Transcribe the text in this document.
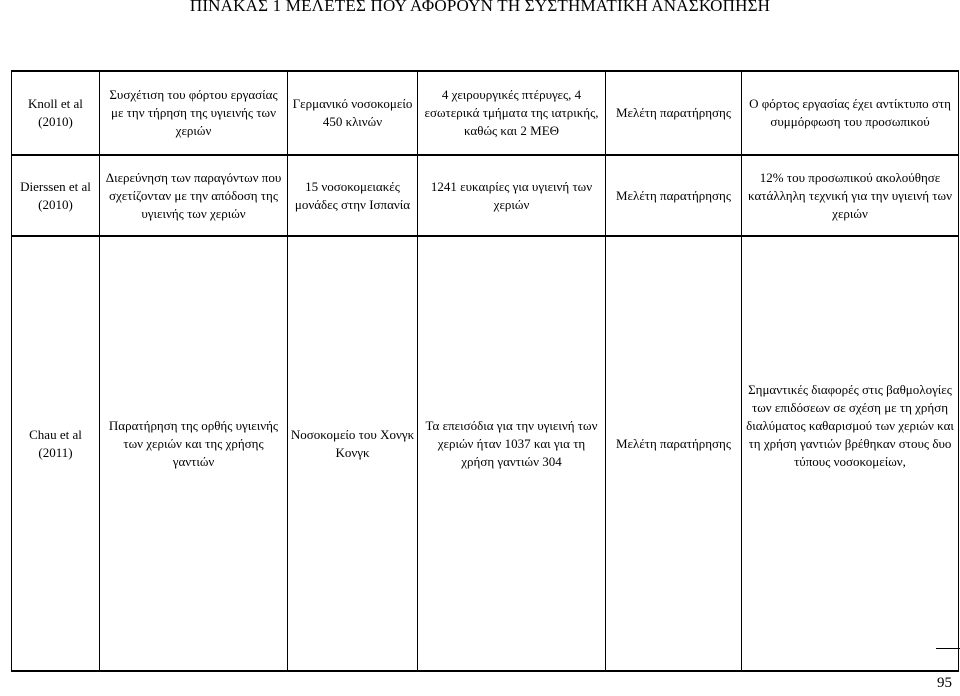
ΠΙΝΑΚΑΣ 1 ΜΕΛΕΤΕΣ ΠΟΥ ΑΦΟΡΟΥΝ ΤΗ ΣΥΣΤΗΜΑΤΙΚΗ ΑΝΑΣΚΟΠΗΣΗ
Knoll et al (2010)	Συσχέτιση του φόρτου εργασίας με την τήρηση της υγιεινής των χεριών	Γερμανικό νοσοκομείο 450 κλινών	4 χειρουργικές πτέρυγες, 4 εσωτερικά τμήματα της ιατρικής, καθώς και 2 ΜΕΘ	Μελέτη παρατήρησης	Ο φόρτος εργασίας έχει αντίκτυπο στη συμμόρφωση του προσωπικού
Dierssen et al (2010)	Διερεύνηση των παραγόντων που σχετίζονταν με την απόδοση της υγιεινής των χεριών	15 νοσοκομειακές μονάδες στην Ισπανία	1241 ευκαιρίες για υγιεινή των χεριών	Μελέτη παρατήρησης	12% του προσωπικού ακολούθησε κατάλληλη τεχνική για την υγιεινή των χεριών
Chau et al (2011)	Παρατήρηση της ορθής υγιεινής των χεριών και της χρήσης γαντιών	Νοσοκομείο του Χονγκ Κονγκ	Τα επεισόδια για την υγιεινή των χεριών ήταν 1037 και για τη χρήση γαντιών 304	Μελέτη παρατήρησης	Σημαντικές διαφορές στις βαθμολογίες των επιδόσεων σε σχέση με τη χρήση διαλύματος καθαρισμού των χεριών και τη χρήση γαντιών βρέθηκαν στους δυο τύπους νοσοκομείων,
95
